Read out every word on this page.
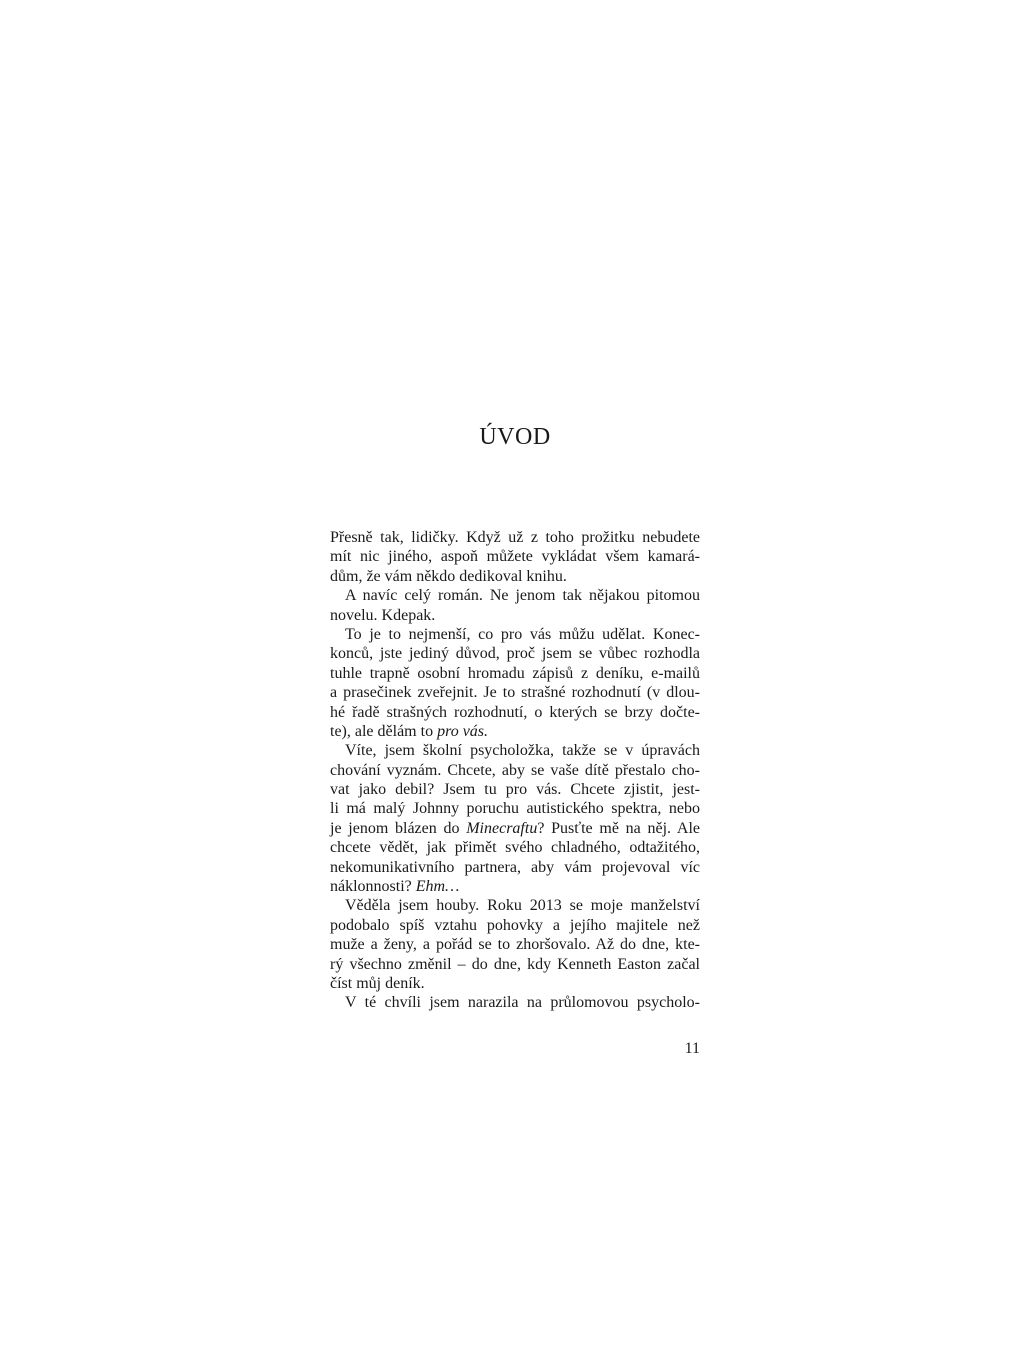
ÚVOD
Přesně tak, lidičky. Když už z toho prožitku nebudete
mít nic jiného, aspoň můžete vykládat všem kamará-
dům, že vám někdo dedikoval knihu.
A navíc celý román. Ne jenom tak nějakou pitomou
novelu. Kdepak.
To je to nejmenší, co pro vás můžu udělat. Konec-
konců, jste jediný důvod, proč jsem se vůbec rozhodla
tuhle trapně osobní hromadu zápisů z deníku, e-mailů
a prasečinek zveřejnit. Je to strašné rozhodnutí (v dlou-
hé řadě strašných rozhodnutí, o kterých se brzy dočte-
te), ale dělám to pro vás.
Víte, jsem školní psycholožka, takže se v úpravách
chování vyznám. Chcete, aby se vaše dítě přestalo cho-
vat jako debil? Jsem tu pro vás. Chcete zjistit, jest-
li má malý Johnny poruchu autistického spektra, nebo
je jenom blázen do Minecraftu? Pusťte mě na něj. Ale
chcete vědět, jak přimět svého chladného, odtažitého,
nekomunikativního partnera, aby vám projevoval víc
náklonnosti? Ehm…
Věděla jsem houby. Roku 2013 se moje manželství
podobalo spíš vztahu pohovky a jejího majitele než
muže a ženy, a pořád se to zhoršovalo. Až do dne, kte-
rý všechno změnil – do dne, kdy Kenneth Easton začal
číst můj deník.
V té chvíli jsem narazila na průlomovou psycholo-
11
